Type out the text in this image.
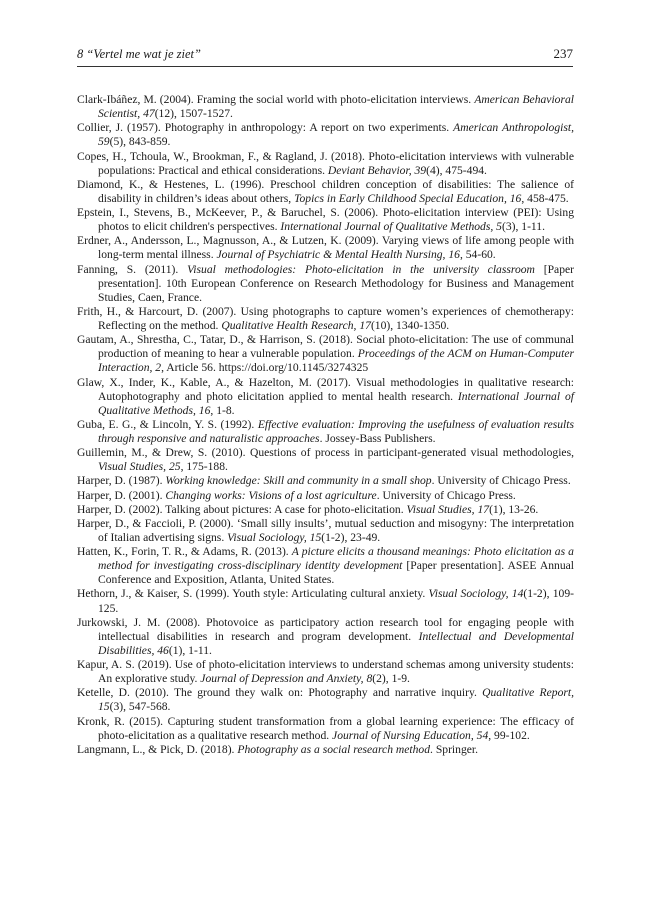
8 “Vertel me wat je ziet”	237

Clark-Ibáñez, M. (2004). Framing the social world with photo-elicitation interviews. American Behavioral Scientist, 47(12), 1507-1527.

Collier, J. (1957). Photography in anthropology: A report on two experiments. American Anthropologist, 59(5), 843-859.

Copes, H., Tchoula, W., Brookman, F., & Ragland, J. (2018). Photo-elicitation interviews with vulnerable populations: Practical and ethical considerations. Deviant Behavior, 39(4), 475-494.

Diamond, K., & Hestenes, L. (1996). Preschool children conception of disabilities: The salience of disability in children’s ideas about others, Topics in Early Childhood Special Education, 16, 458-475.

Epstein, I., Stevens, B., McKeever, P., & Baruchel, S. (2006). Photo-elicitation interview (PEI): Using photos to elicit children's perspectives. International Journal of Qualitative Methods, 5(3), 1-11.

Erdner, A., Andersson, L., Magnusson, A., & Lutzen, K. (2009). Varying views of life among people with long-term mental illness. Journal of Psychiatric & Mental Health Nursing, 16, 54-60.

Fanning, S. (2011). Visual methodologies: Photo-elicitation in the university classroom [Paper presentation]. 10th European Conference on Research Methodology for Business and Management Studies, Caen, France.

Frith, H., & Harcourt, D. (2007). Using photographs to capture women’s experiences of chemotherapy: Reflecting on the method. Qualitative Health Research, 17(10), 1340-1350.

Gautam, A., Shrestha, C., Tatar, D., & Harrison, S. (2018). Social photo-elicitation: The use of communal production of meaning to hear a vulnerable population. Proceedings of the ACM on Human-Computer Interaction, 2, Article 56. https://doi.org/10.1145/3274325

Glaw, X., Inder, K., Kable, A., & Hazelton, M. (2017). Visual methodologies in qualitative research: Autophotography and photo elicitation applied to mental health research. International Journal of Qualitative Methods, 16, 1-8.

Guba, E. G., & Lincoln, Y. S. (1992). Effective evaluation: Improving the usefulness of evaluation results through responsive and naturalistic approaches. Jossey-Bass Publishers.

Guillemin, M., & Drew, S. (2010). Questions of process in participant-generated visual methodologies, Visual Studies, 25, 175-188.

Harper, D. (1987). Working knowledge: Skill and community in a small shop. University of Chicago Press.

Harper, D. (2001). Changing works: Visions of a lost agriculture. University of Chicago Press.

Harper, D. (2002). Talking about pictures: A case for photo-elicitation. Visual Studies, 17(1), 13-26.

Harper, D., & Faccioli, P. (2000). ‘Small silly insults’, mutual seduction and misogyny: The interpretation of Italian advertising signs. Visual Sociology, 15(1-2), 23-49.

Hatten, K., Forin, T. R., & Adams, R. (2013). A picture elicits a thousand meanings: Photo elicitation as a method for investigating cross-disciplinary identity development [Paper presentation]. ASEE Annual Conference and Exposition, Atlanta, United States.

Hethorn, J., & Kaiser, S. (1999). Youth style: Articulating cultural anxiety. Visual Sociology, 14(1-2), 109-125.

Jurkowski, J. M. (2008). Photovoice as participatory action research tool for engaging people with intellectual disabilities in research and program development. Intellectual and Developmental Disabilities, 46(1), 1-11.

Kapur, A. S. (2019). Use of photo-elicitation interviews to understand schemas among university students: An explorative study. Journal of Depression and Anxiety, 8(2), 1-9.

Ketelle, D. (2010). The ground they walk on: Photography and narrative inquiry. Qualitative Report, 15(3), 547-568.

Kronk, R. (2015). Capturing student transformation from a global learning experience: The efficacy of photo-elicitation as a qualitative research method. Journal of Nursing Education, 54, 99-102.

Langmann, L., & Pick, D. (2018). Photography as a social research method. Springer.
